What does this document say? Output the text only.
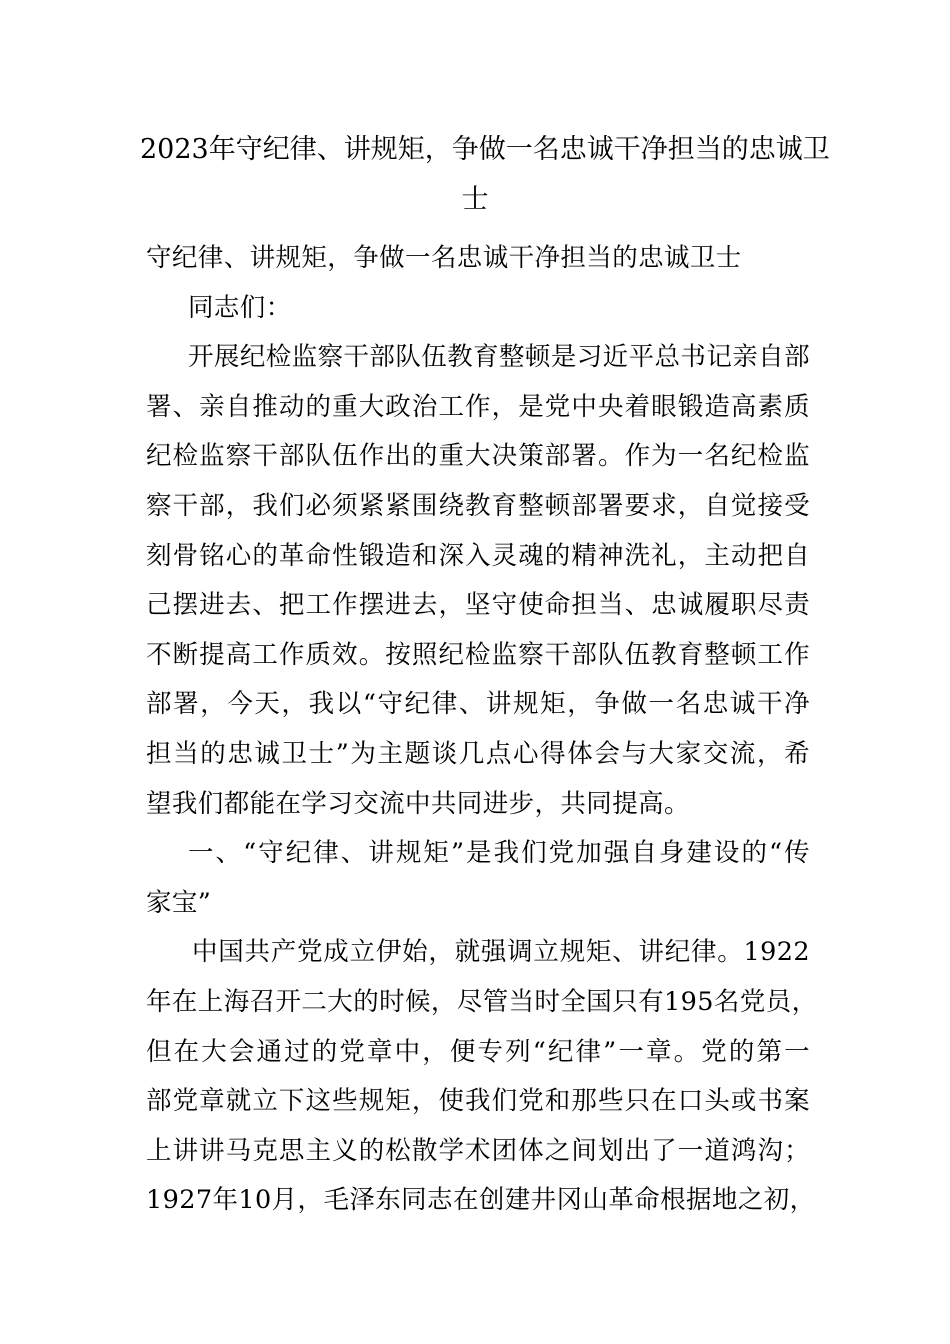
2023年守纪律、讲规矩，争做一名忠诚干净担当的忠诚卫
士
守纪律、讲规矩，争做一名忠诚干净担当的忠诚卫士
同志们：
开展纪检监察干部队伍教育整顿是习近平总书记亲自部
署、亲自推动的重大政治工作，是党中央着眼锻造高素质
纪检监察干部队伍作出的重大决策部署。作为一名纪检监
察干部，我们必须紧紧围绕教育整顿部署要求，自觉接受
刻骨铭心的革命性锻造和深入灵魂的精神洗礼，主动把自
己摆进去、把工作摆进去，坚守使命担当、忠诚履职尽责
不断提高工作质效。按照纪检监察干部队伍教育整顿工作
部署，今天，我以“守纪律、讲规矩，争做一名忠诚干净
担当的忠诚卫士”为主题谈几点心得体会与大家交流，希
望我们都能在学习交流中共同进步，共同提高。
一、“守纪律、讲规矩”是我们党加强自身建设的“传
家宝”
中国共产党成立伊始，就强调立规矩、讲纪律。1922
年在上海召开二大的时候，尽管当时全国只有195名党员，
但在大会通过的党章中，便专列“纪律”一章。党的第一
部党章就立下这些规矩，使我们党和那些只在口头或书案
上讲讲马克思主义的松散学术团体之间划出了一道鸿沟；
1927年10月，毛泽东同志在创建井冈山革命根据地之初，
